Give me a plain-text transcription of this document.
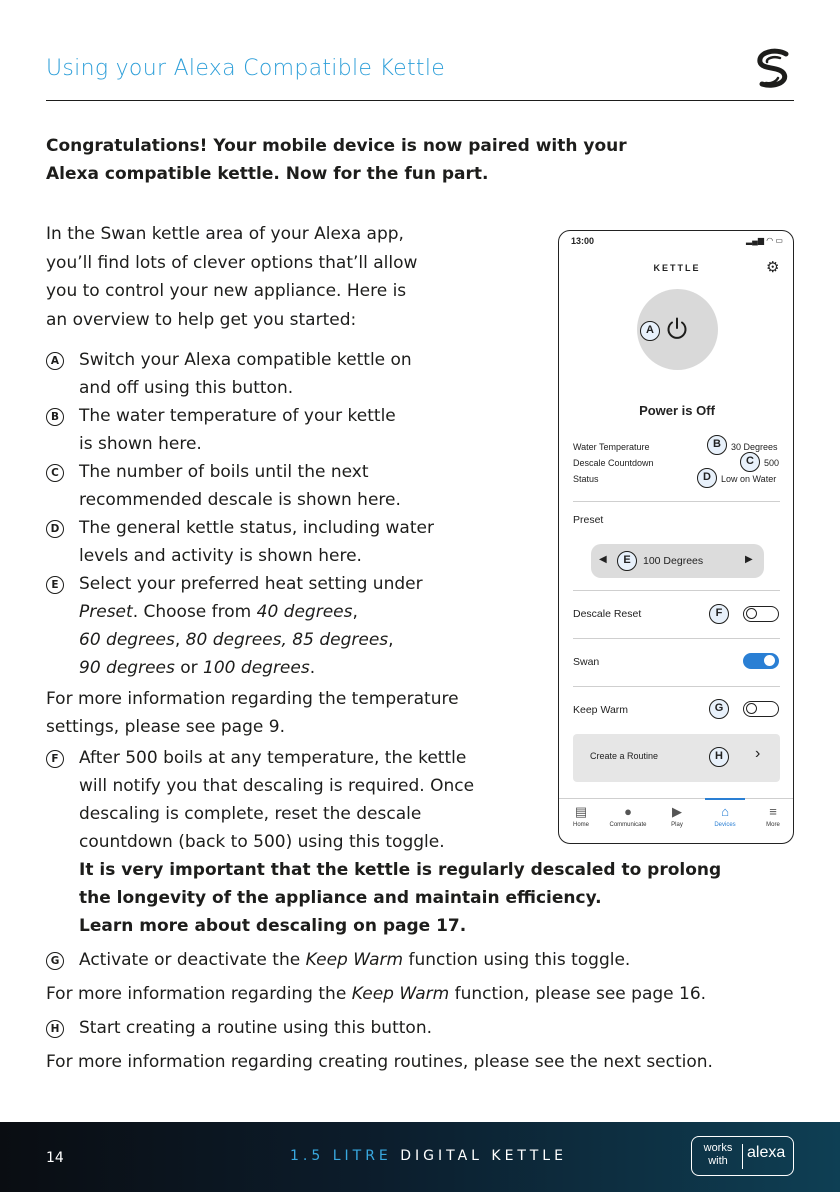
Using your Alexa Compatible Kettle
Congratulations! Your mobile device is now paired with your
Alexa compatible kettle. Now for the fun part.
In the Swan kettle area of your Alexa app,
you’ll find lots of clever options that’ll allow
you to control your new appliance. Here is
an overview to help get you started:
A Switch your Alexa compatible kettle on
and off using this button.
B The water temperature of your kettle
is shown here.
C	The number of boils until the next
recommended descale is shown here.
D The general kettle status, including water
levels and activity is shown here.
E	Select your preferred heat setting under
Preset. Choose from 40 degrees,
60 degrees, 80 degrees, 85 degrees,
90 degrees or 100 degrees.
For more information regarding the temperature
settings, please see page 9.
F	After 500 boils at any temperature, the kettle
will notify you that descaling is required. Once
descaling is complete, reset the descale
countdown (back to 500) using this toggle.
It is very important that the kettle is regularly descaled to prolong
the longevity of the appliance and maintain efficiency.
Learn more about descaling on page 17.
G Activate or deactivate the Keep Warm function using this toggle.
For more information regarding the Keep Warm function, please see page 16.
H Start creating a routine using this button.
For more information regarding creating routines, please see the next section.
13:00	▂▄▆ ◠ ▭
KETTLE	⚙
A
Power is Off
Water Temperature	B	30 Degrees
Descale Countdown	C	500
Status	D	Low on Water
Preset
◀	E	100 Degrees	▶
Descale Reset	F
Swan
Keep Warm	G
Create a Routine	H	›
▤
Home
●
Communicate
▶
Play
⌂
Devices
≡
More
14	1.5 LITRE DIGITAL KETTLE	works
with	alexa
